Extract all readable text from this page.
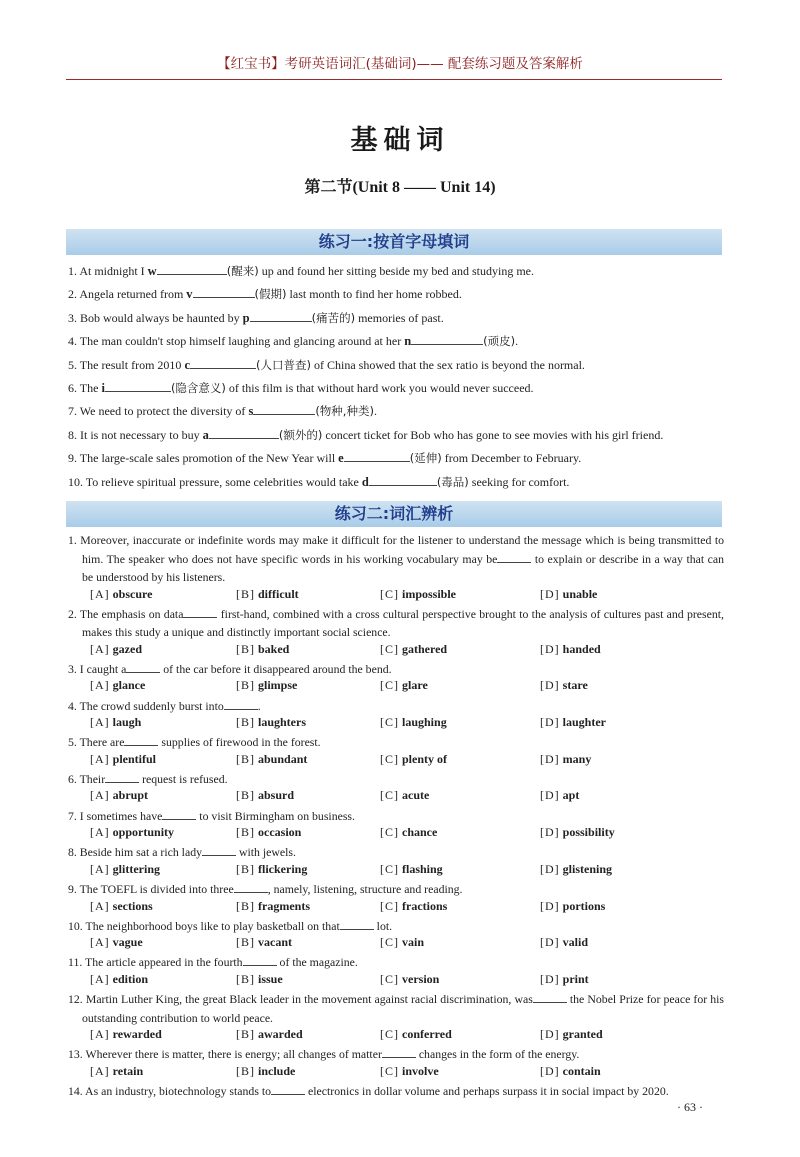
【红宝书】考研英语词汇(基础词)—— 配套练习题及答案解析
基础词
第二节(Unit 8 —— Unit 14)
练习一:按首字母填词
1. At midnight I w	(醒来) up and found her sitting beside my bed and studying me.
2. Angela returned from v	(假期) last month to find her home robbed.
3. Bob would always be haunted by p	(痛苦的) memories of past.
4. The man couldn't stop himself laughing and glancing around at her n	(顽皮).
5. The result from 2010 c	(人口普查) of China showed that the sex ratio is beyond the normal.
6. The i	(隐含意义) of this film is that without hard work you would never succeed.
7. We need to protect the diversity of s	(物种,种类).
8. It is not necessary to buy a	(额外的) concert ticket for Bob who has gone to see movies with his girl friend.
9. The large-scale sales promotion of the New Year will e	(延伸) from December to February.
10. To relieve spiritual pressure, some celebrities would take d	(毒品) seeking for comfort.
练习二:词汇辨析
1. Moreover, inaccurate or indefinite words may make it difficult for the listener to understand the message which is being transmitted to him. The speaker who does not have specific words in his working vocabulary may be	to explain or describe in a way that can be understood by his listeners.
[A] obscure	[B] difficult	[C] impossible	[D] unable
2. The emphasis on data	first-hand, combined with a cross cultural perspective brought to the analysis of cultures past and present, makes this study a unique and distinctly important social science.
[A] gazed	[B] baked	[C] gathered	[D] handed
3. I caught a	of the car before it disappeared around the bend.
[A] glance	[B] glimpse	[C] glare	[D] stare
4. The crowd suddenly burst into	.
[A] laugh	[B] laughters	[C] laughing	[D] laughter
5. There are	supplies of firewood in the forest.
[A] plentiful	[B] abundant	[C] plenty of	[D] many
6. Their	request is refused.
[A] abrupt	[B] absurd	[C] acute	[D] apt
7. I sometimes have	to visit Birmingham on business.
[A] opportunity	[B] occasion	[C] chance	[D] possibility
8. Beside him sat a rich lady	with jewels.
[A] glittering	[B] flickering	[C] flashing	[D] glistening
9. The TOEFL is divided into three	, namely, listening, structure and reading.
[A] sections	[B] fragments	[C] fractions	[D] portions
10. The neighborhood boys like to play basketball on that	lot.
[A] vague	[B] vacant	[C] vain	[D] valid
11. The article appeared in the fourth	of the magazine.
[A] edition	[B] issue	[C] version	[D] print
12. Martin Luther King, the great Black leader in the movement against racial discrimination, was	the Nobel Prize for peace for his outstanding contribution to world peace.
[A] rewarded	[B] awarded	[C] conferred	[D] granted
13. Wherever there is matter, there is energy; all changes of matter	changes in the form of the energy.
[A] retain	[B] include	[C] involve	[D] contain
14. As an industry, biotechnology stands to	electronics in dollar volume and perhaps surpass it in social impact by 2020.
· 63 ·
